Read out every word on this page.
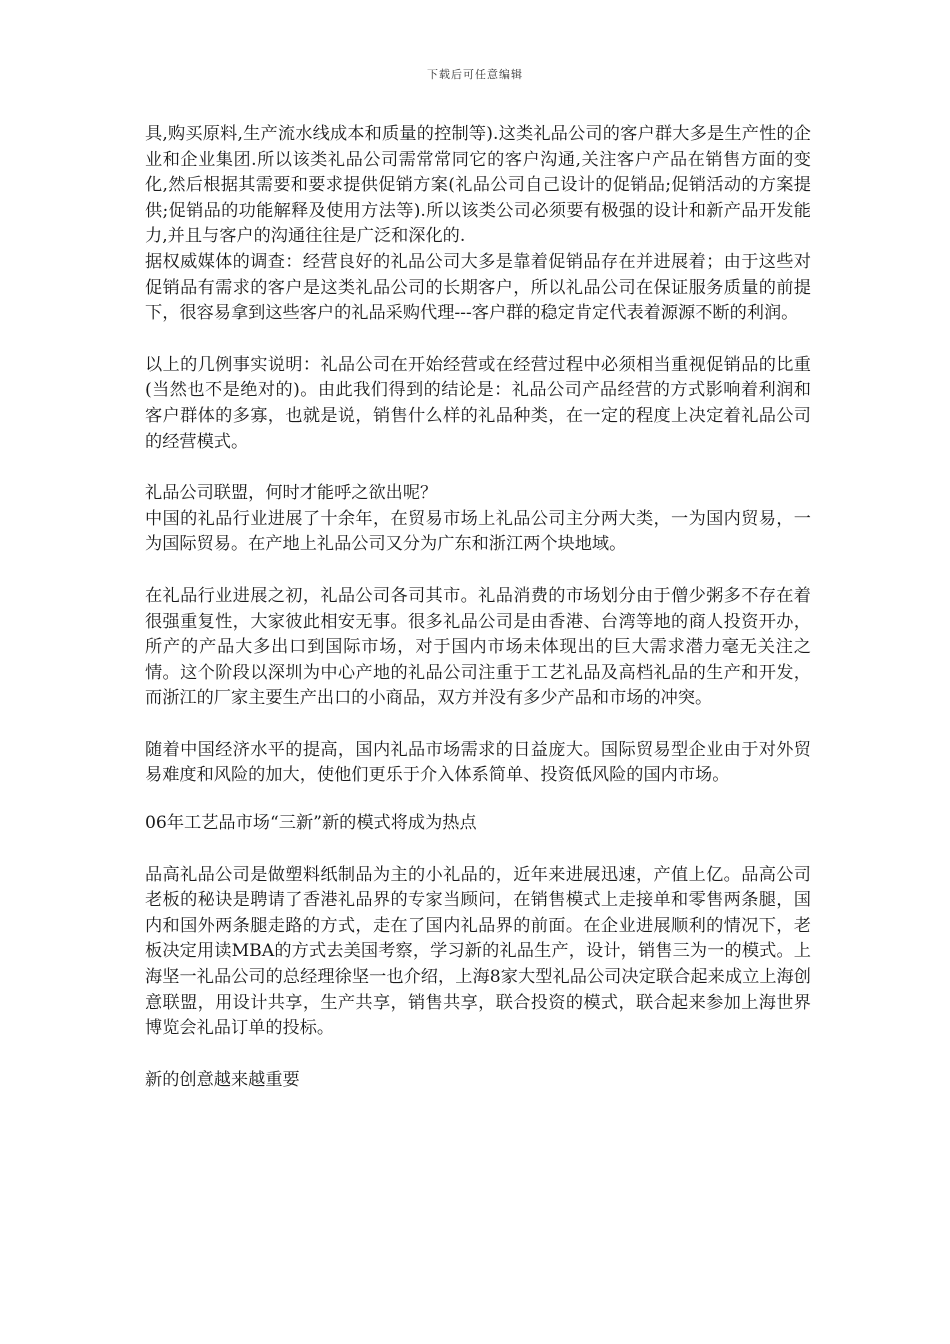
下载后可任意编辑

具,购买原料,生产流水线成本和质量的控制等).这类礼品公司的客户群大多是生产性的企业和企业集团.所以该类礼品公司需常常同它的客户沟通,关注客户产品在销售方面的变化,然后根据其需要和要求提供促销方案(礼品公司自己设计的促销品;促销活动的方案提供;促销品的功能解释及使用方法等).所以该类公司必须要有极强的设计和新产品开发能力,并且与客户的沟通往往是广泛和深化的.

据权威媒体的调查：经营良好的礼品公司大多是靠着促销品存在并进展着；由于这些对促销品有需求的客户是这类礼品公司的长期客户，所以礼品公司在保证服务质量的前提下，很容易拿到这些客户的礼品采购代理---客户群的稳定肯定代表着源源不断的利润。

以上的几例事实说明：礼品公司在开始经营或在经营过程中必须相当重视促销品的比重(当然也不是绝对的)。由此我们得到的结论是：礼品公司产品经营的方式影响着利润和客户群体的多寡，也就是说，销售什么样的礼品种类，在一定的程度上决定着礼品公司的经营模式。

礼品公司联盟，何时才能呼之欲出呢？

中国的礼品行业进展了十余年，在贸易市场上礼品公司主分两大类，一为国内贸易，一为国际贸易。在产地上礼品公司又分为广东和浙江两个块地域。

在礼品行业进展之初，礼品公司各司其市。礼品消费的市场划分由于僧少粥多不存在着很强重复性，大家彼此相安无事。很多礼品公司是由香港、台湾等地的商人投资开办，所产的产品大多出口到国际市场，对于国内市场未体现出的巨大需求潜力毫无关注之情。这个阶段以深圳为中心产地的礼品公司注重于工艺礼品及高档礼品的生产和开发，而浙江的厂家主要生产出口的小商品，双方并没有多少产品和市场的冲突。

随着中国经济水平的提高，国内礼品市场需求的日益庞大。国际贸易型企业由于对外贸易难度和风险的加大，使他们更乐于介入体系简单、投资低风险的国内市场。

06年工艺品市场“三新”新的模式将成为热点

品高礼品公司是做塑料纸制品为主的小礼品的，近年来进展迅速，产值上亿。品高公司老板的秘诀是聘请了香港礼品界的专家当顾问，在销售模式上走接单和零售两条腿，国内和国外两条腿走路的方式，走在了国内礼品界的前面。在企业进展顺利的情况下，老板决定用读MBA的方式去美国考察，学习新的礼品生产，设计，销售三为一的模式。上海坚一礼品公司的总经理徐坚一也介绍，上海8家大型礼品公司决定联合起来成立上海创意联盟，用设计共享，生产共享，销售共享，联合投资的模式，联合起来参加上海世界博览会礼品订单的投标。

新的创意越来越重要
